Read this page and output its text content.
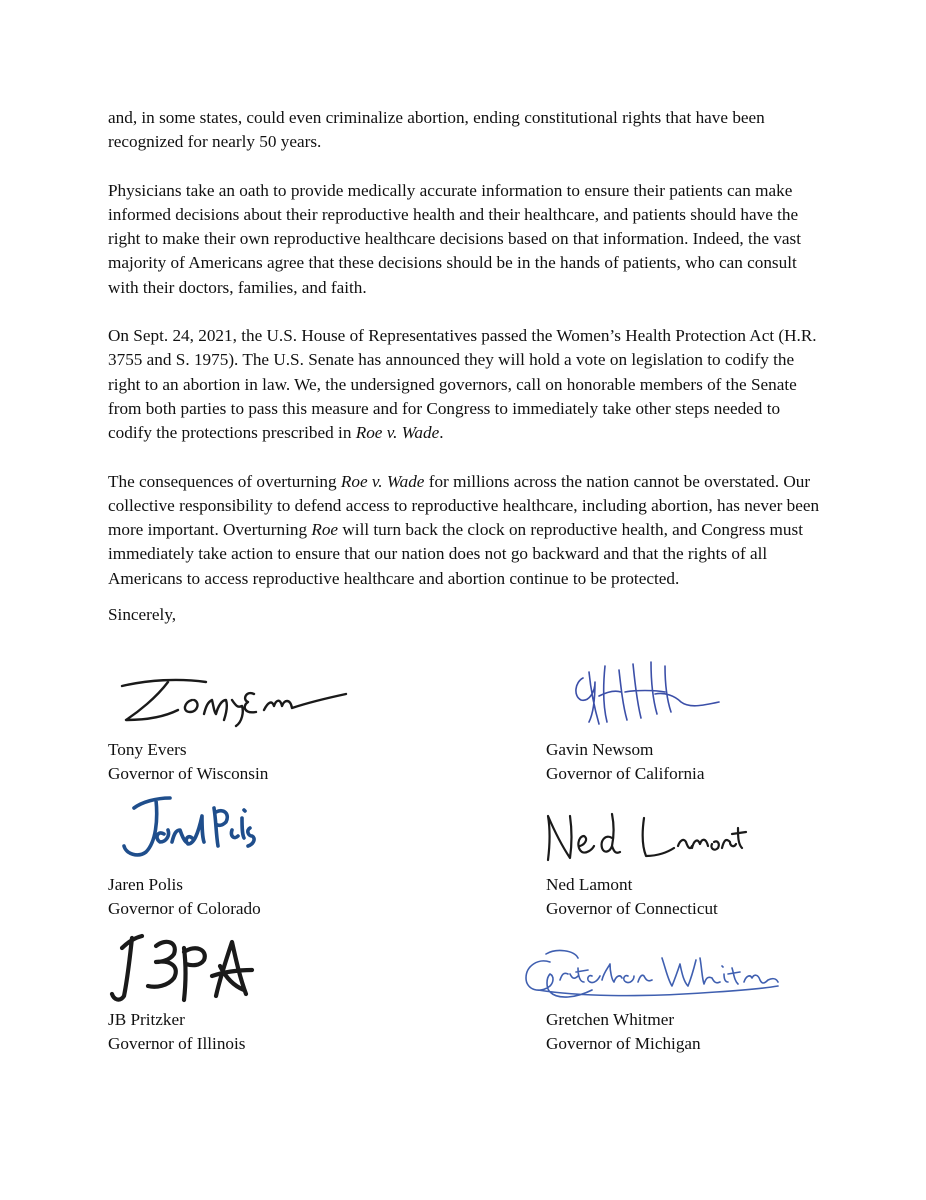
and, in some states, could even criminalize abortion, ending constitutional rights that have been recognized for nearly 50 years.

Physicians take an oath to provide medically accurate information to ensure their patients can make informed decisions about their reproductive health and their healthcare, and patients should have the right to make their own reproductive healthcare decisions based on that information. Indeed, the vast majority of Americans agree that these decisions should be in the hands of patients, who can consult with their doctors, families, and faith.

On Sept. 24, 2021, the U.S. House of Representatives passed the Women’s Health Protection Act (H.R. 3755 and S. 1975). The U.S. Senate has announced they will hold a vote on legislation to codify the right to an abortion in law. We, the undersigned governors, call on honorable members of the Senate from both parties to pass this measure and for Congress to immediately take other steps needed to codify the protections prescribed in Roe v. Wade.

The consequences of overturning Roe v. Wade for millions across the nation cannot be overstated. Our collective responsibility to defend access to reproductive healthcare, including abortion, has never been more important. Overturning Roe will turn back the clock on reproductive health, and Congress must immediately take action to ensure that our nation does not go backward and that the rights of all Americans to access reproductive healthcare and abortion continue to be protected.

Sincerely,
Tony Evers
Governor of Wisconsin
Gavin Newsom
Governor of California
Jaren Polis
Governor of Colorado
Ned Lamont
Governor of Connecticut
JB Pritzker
Governor of Illinois
Gretchen Whitmer
Governor of Michigan
